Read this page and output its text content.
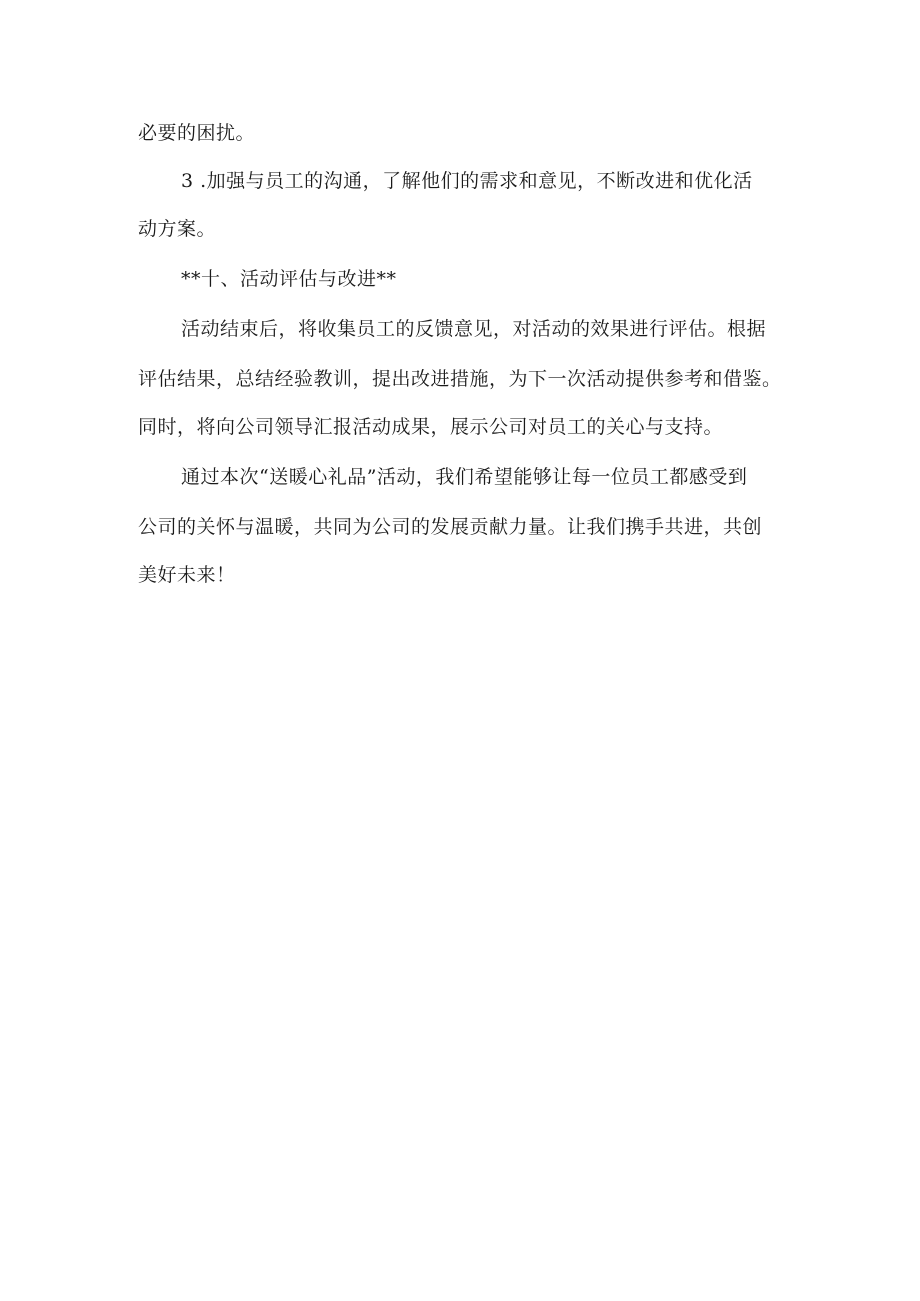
必要的困扰。
3 .加强与员工的沟通，了解他们的需求和意见，不断改进和优化活
动方案。
**十、活动评估与改进**
活动结束后，将收集员工的反馈意见，对活动的效果进行评估。根据
评估结果，总结经验教训，提出改进措施，为下一次活动提供参考和借鉴。
同时，将向公司领导汇报活动成果，展示公司对员工的关心与支持。
通过本次“送暖心礼品”活动，我们希望能够让每一位员工都感受到
公司的关怀与温暖，共同为公司的发展贡献力量。让我们携手共进，共创
美好未来！
